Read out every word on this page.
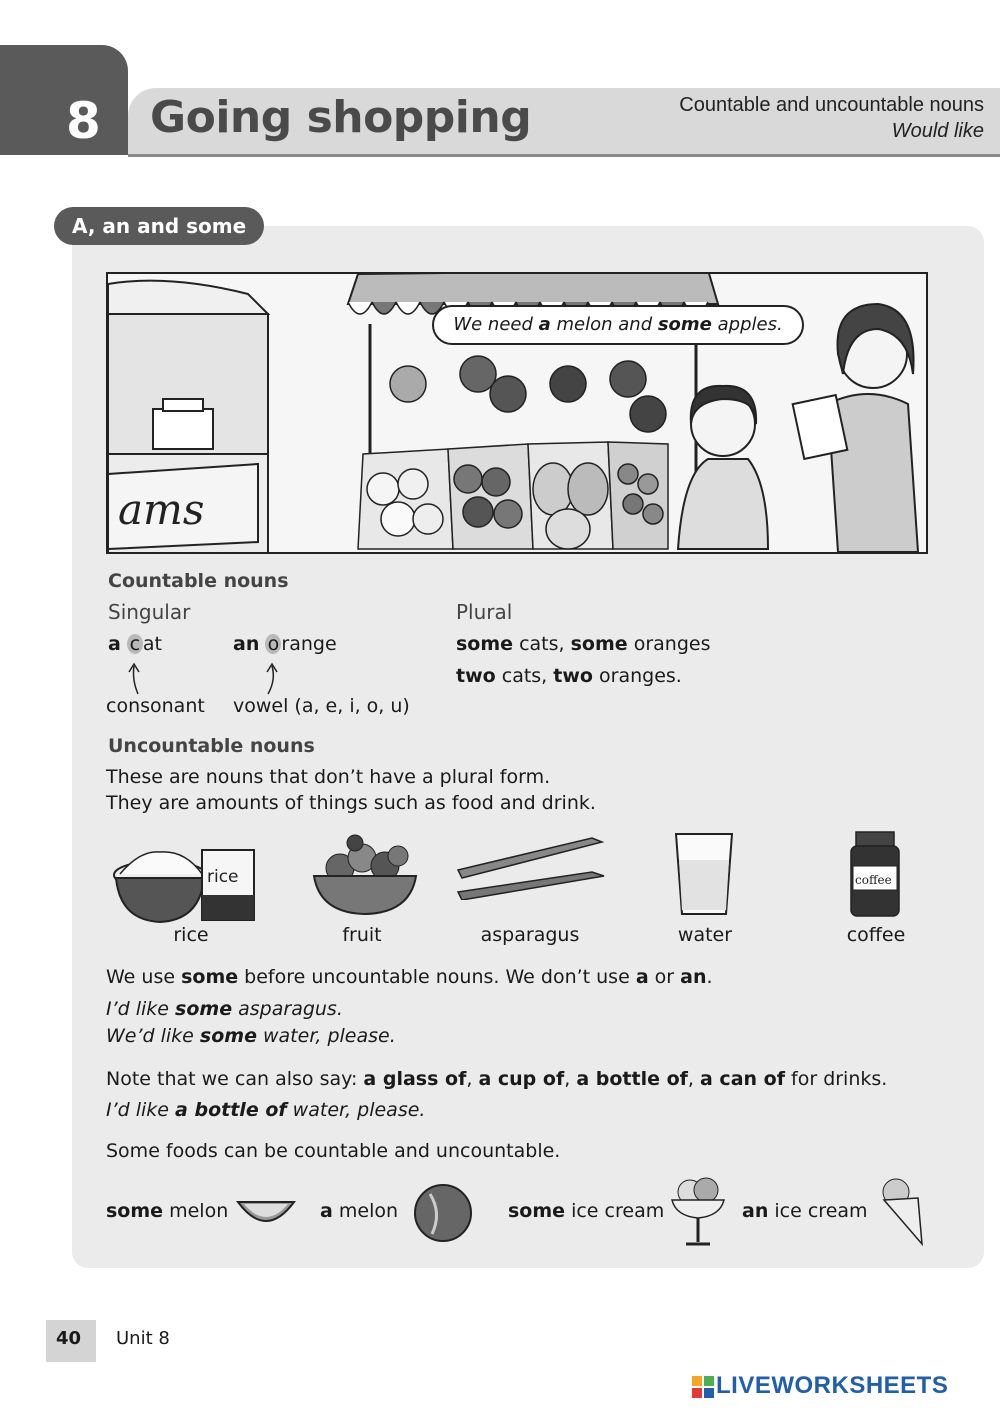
8 Going shopping	Countable and uncountable nouns
Would like
A, an and some
ams
We need a melon and some apples.
Countable nouns
Singular	Plural
a c at	an o range	some cats, some oranges
two cats, two oranges.
consonant vowel (a, e, i, o, u)
Uncountable nouns
These are nouns that don’t have a plural form.
They are amounts of things such as food and drink.
rice	coffee
rice	fruit	asparagus	water	coffee
We use some before uncountable nouns. We don’t use a or an.
I’d like some asparagus.
We’d like some water, please.
Note that we can also say: a glass of, a cup of, a bottle of, a can of for drinks.
I’d like a bottle of water, please.
Some foods can be countable and uncountable.
some melon	a melon	some ice cream	an ice cream
40 Unit 8
LIVEWORKSHEETS
